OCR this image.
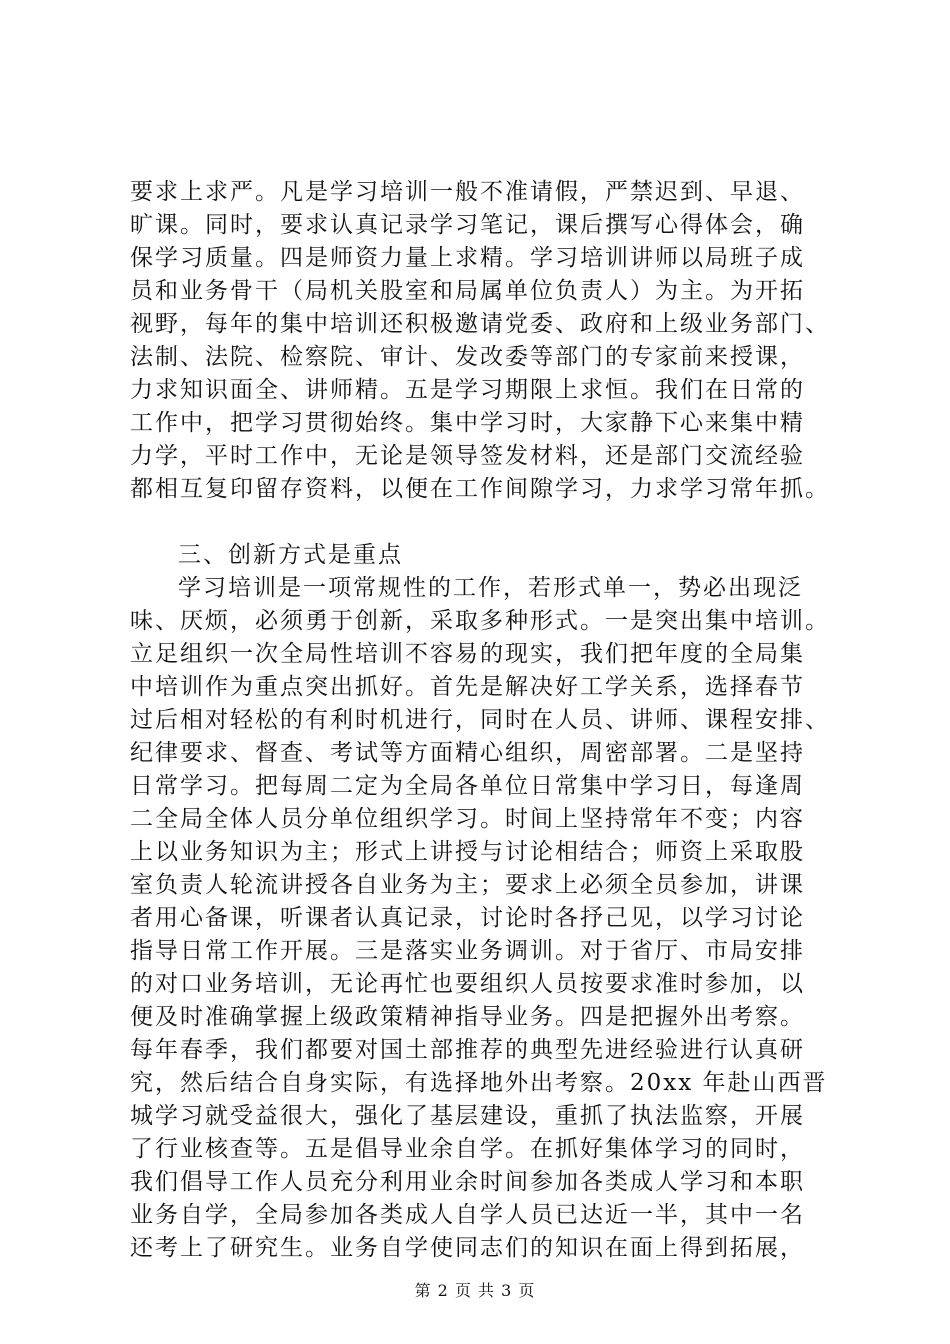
要求上求严。凡是学习培训一般不准请假，严禁迟到、早退、
旷课。同时，要求认真记录学习笔记，课后撰写心得体会，确
保学习质量。四是师资力量上求精。学习培训讲师以局班子成
员和业务骨干（局机关股室和局属单位负责人）为主。为开拓
视野，每年的集中培训还积极邀请党委、政府和上级业务部门、
法制、法院、检察院、审计、发改委等部门的专家前来授课，
力求知识面全、讲师精。五是学习期限上求恒。我们在日常的
工作中，把学习贯彻始终。集中学习时，大家静下心来集中精
力学，平时工作中，无论是领导签发材料，还是部门交流经验
都相互复印留存资料，以便在工作间隙学习，力求学习常年抓。
三、创新方式是重点
学习培训是一项常规性的工作，若形式单一，势必出现泛
味、厌烦，必须勇于创新，采取多种形式。一是突出集中培训。
立足组织一次全局性培训不容易的现实，我们把年度的全局集
中培训作为重点突出抓好。首先是解决好工学关系，选择春节
过后相对轻松的有利时机进行，同时在人员、讲师、课程安排、
纪律要求、督查、考试等方面精心组织，周密部署。二是坚持
日常学习。把每周二定为全局各单位日常集中学习日，每逢周
二全局全体人员分单位组织学习。时间上坚持常年不变；内容
上以业务知识为主；形式上讲授与讨论相结合；师资上采取股
室负责人轮流讲授各自业务为主；要求上必须全员参加，讲课
者用心备课，听课者认真记录，讨论时各抒己见，以学习讨论
指导日常工作开展。三是落实业务调训。对于省厅、市局安排
的对口业务培训，无论再忙也要组织人员按要求准时参加，以
便及时准确掌握上级政策精神指导业务。四是把握外出考察。
每年春季，我们都要对国土部推荐的典型先进经验进行认真研
究，然后结合自身实际，有选择地外出考察。20xx 年赴山西晋
城学习就受益很大，强化了基层建设，重抓了执法监察，开展
了行业核查等。五是倡导业余自学。在抓好集体学习的同时，
我们倡导工作人员充分利用业余时间参加各类成人学习和本职
业务自学，全局参加各类成人自学人员已达近一半，其中一名
还考上了研究生。业务自学使同志们的知识在面上得到拓展，
第 2 页 共 3 页
